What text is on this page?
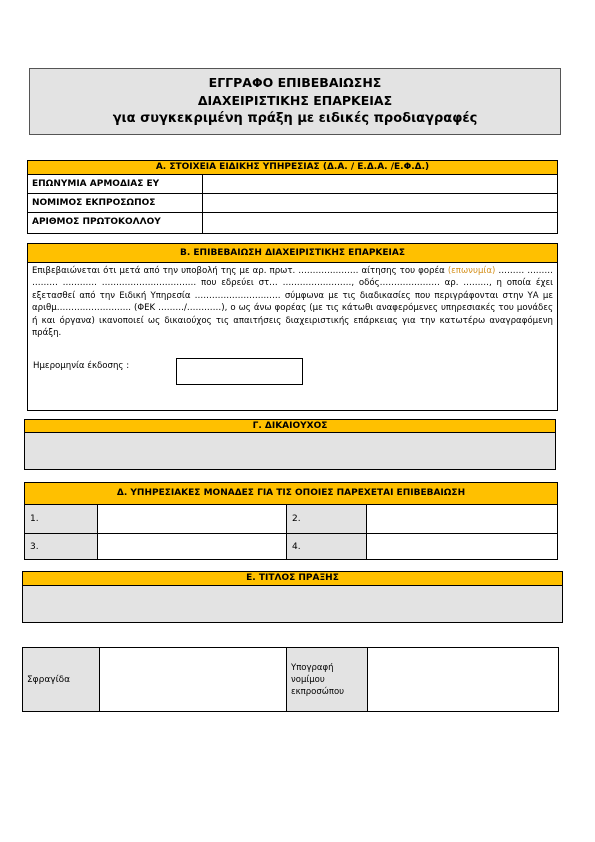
ΕΓΓΡΑΦΟ ΕΠΙΒΕΒΑΙΩΣΗΣ
ΔΙΑΧΕΙΡΙΣΤΙΚΗΣ ΕΠΑΡΚΕΙΑΣ
για συγκεκριμένη πράξη με ειδικές προδιαγραφές
Α. ΣΤΟΙΧΕΙΑ ΕΙΔΙΚΗΣ ΥΠΗΡΕΣΙΑΣ (Δ.Α. / Ε.Δ.Α. /Ε.Φ.Δ.)
ΕΠΩΝΥΜΙΑ ΑΡΜΟΔΙΑΣ ΕΥ
ΝΟΜΙΜΟΣ ΕΚΠΡΟΣΩΠΟΣ
ΑΡΙΘΜΟΣ ΠΡΩΤΟΚΟΛΛΟΥ
Β. ΕΠΙΒΕΒΑΙΩΣΗ ΔΙΑΧΕΙΡΙΣΤΙΚΗΣ ΕΠΑΡΚΕΙΑΣ
Επιβεβαιώνεται ότι μετά από την υποβολή της με αρ. πρωτ. ………………… αίτησης του φορέα (επωνυμία) ……… ……… ……… ………… …………………………… που εδρεύει στ… ……………………, οδός………………… αρ. ………, η οποία έχει εξετασθεί από την Ειδική Υπηρεσία ………………………… σύμφωνα με τις διαδικασίες που περιγράφονται στην ΥΑ με αριθμ…………………….. (ΦΕΚ ………/…………), ο ως άνω φορέας (με τις κάτωθι αναφερόμενες υπηρεσιακές του μονάδες ή και όργανα) ικανοποιεί ως δικαιούχος τις απαιτήσεις διαχειριστικής επάρκειας για την κατωτέρω αναγραφόμενη πράξη.
Ημερομηνία έκδοσης :
Γ. ΔΙΚΑΙΟΥΧΟΣ
Δ. ΥΠΗΡΕΣΙΑΚΕΣ ΜΟΝΑΔΕΣ ΓΙΑ ΤΙΣ ΟΠΟΙΕΣ ΠΑΡΕΧΕΤΑΙ ΕΠΙΒΕΒΑΙΩΣΗ
1.	2.
3.	4.
Ε. ΤΙΤΛΟΣ ΠΡΑΞΗΣ
Σφραγίδα
Υπογραφή νομίμου εκπροσώπου
